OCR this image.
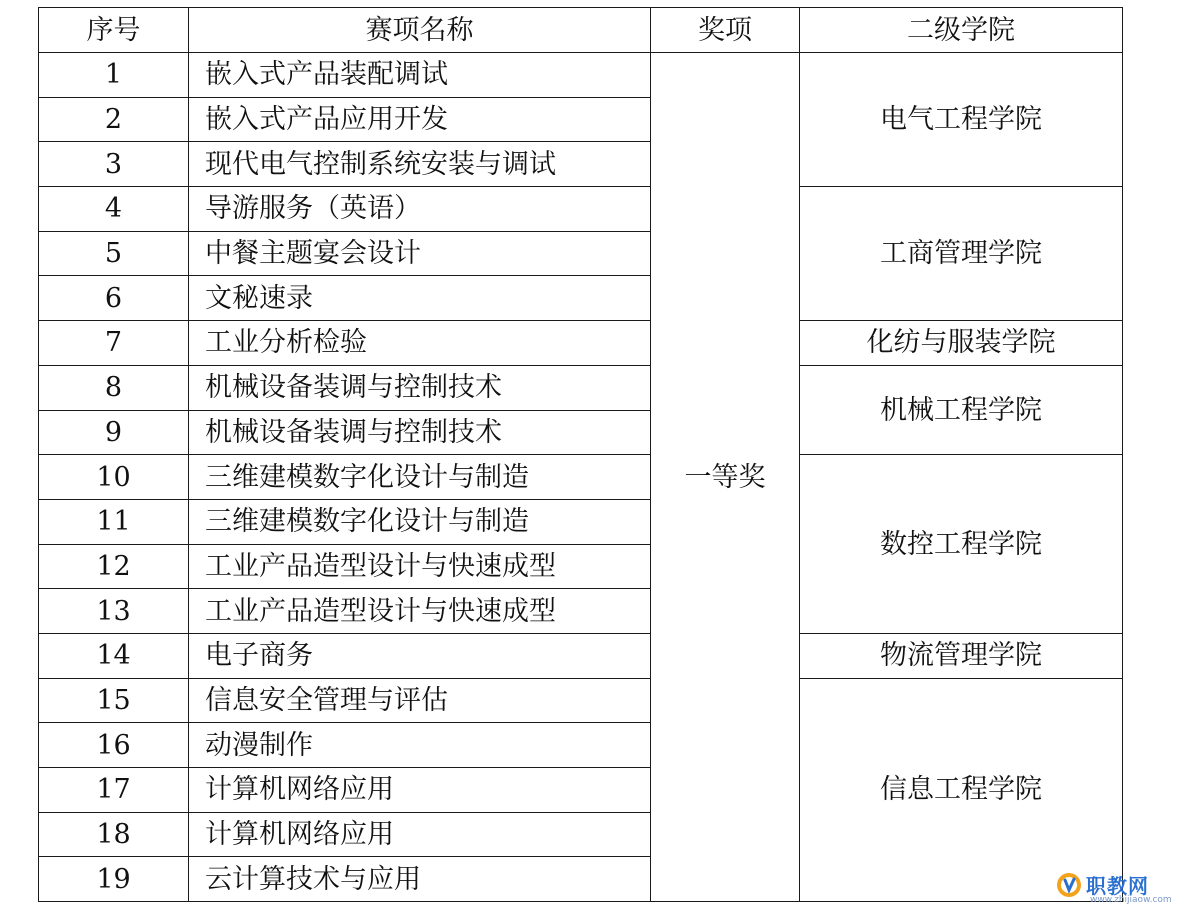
序号	赛项名称	奖项	二级学院
1	嵌入式产品装配调试	一等奖	电气工程学院
2	嵌入式产品应用开发		
3	现代电气控制系统安装与调试		
4	导游服务（英语）		工商管理学院
5	中餐主题宴会设计		
6	文秘速录		
7	工业分析检验		化纺与服装学院
8	机械设备装调与控制技术		机械工程学院
9	机械设备装调与控制技术		
10	三维建模数字化设计与制造		数控工程学院
11	三维建模数字化设计与制造		
12	工业产品造型设计与快速成型		
13	工业产品造型设计与快速成型		
14	电子商务		物流管理学院
15	信息安全管理与评估		信息工程学院
16	动漫制作		
17	计算机网络应用		
18	计算机网络应用		
19	云计算技术与应用			职教网
www.zhijiaow.com
